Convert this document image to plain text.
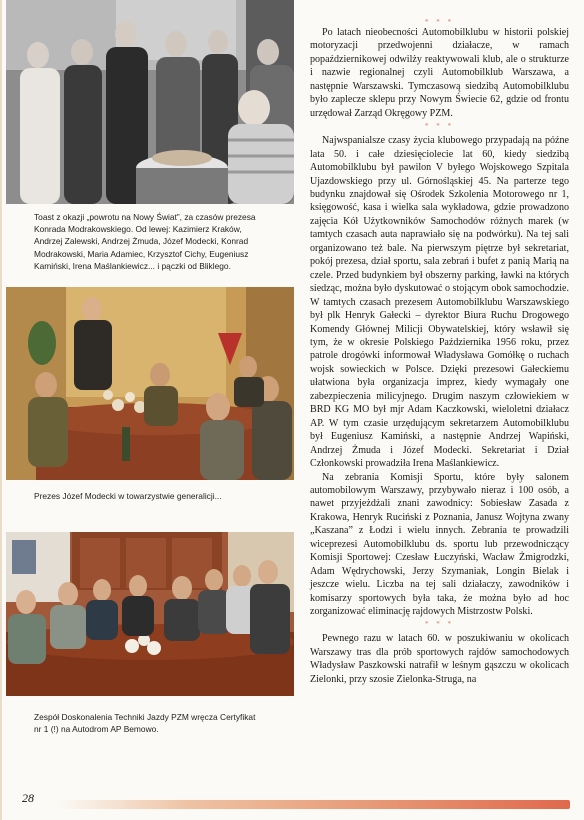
Toast z okazji „powrotu na Nowy Świat”, za czasów prezesa
Konrada Modrakowskiego. Od lewej: Kazimierz Kraków,
Andrzej Zalewski, Andrzej Żmuda, Józef Modecki, Konrad
Modrakowski, Maria Adamiec, Krzysztof Cichy, Eugeniusz
Kamiński, Irena Maślankiewicz... i pączki od Bliklego.
Prezes Józef Modecki w towarzystwie generalicji...
Zespół Doskonalenia Techniki Jazdy PZM wręcza Certyfikat
nr 1 (!) na Autodrom AP Bemowo.
* * *

Po latach nieobecności Automobilklubu w historii polskiej motoryzacji przedwojenni działacze, w ramach popaździernikowej odwilży reaktywowali klub, ale o strukturze i nazwie regionalnej czyli Automobilklub Warszawa, a następnie Warszawski. Tymczasową siedzibą Automobilklubu było zaplecze sklepu przy Nowym Świecie 62, gdzie od frontu urzędował Zarząd Okręgowy PZM.

* * *

Najwspanialsze czasy życia klubowego przypadają na późne lata 50. i całe dziesięciolecie lat 60, kiedy siedzibą Automobilklubu był pawilon V byłego Wojskowego Szpitala Ujazdowskiego przy ul. Górnośląskiej 45. Na parterze tego budynku znajdował się Ośrodek Szkolenia Motorowego nr 1, księgowość, kasa i wielka sala wykładowa, gdzie prowadzono zajęcia Kół Użytkowników Samochodów różnych marek (w tamtych czasach auta naprawiało się na podwórku). Na tej sali organizowano też bale. Na pierwszym piętrze był sekretariat, pokój prezesa, dział sportu, sala zebrań i bufet z panią Marią na czele. Przed budynkiem był obszerny parking, ławki na których siedząc, można było dyskutować o stojącym obok samochodzie. W tamtych czasach prezesem Automobilklubu Warszawskiego był plk Henryk Gałecki – dyrektor Biura Ruchu Drogowego Komendy Głównej Milicji Obywatelskiej, który wsławił się tym, że w okresie Polskiego Października 1956 roku, przez patrole drogówki informował Władysława Gomółkę o ruchach wojsk sowieckich w Polsce. Dzięki prezesowi Gałeckiemu ułatwiona była organizacja imprez, kiedy wymagały one zabezpieczenia milicyjnego. Drugim naszym człowiekiem w BRD KG MO był mjr Adam Kaczkowski, wieloletni działacz AP. W tym czasie urzędującym sekretarzem Automobilklubu był Eugeniusz Kamiński, a następnie Andrzej Wapiński, Andrzej Żmuda i Józef Modecki. Sekretariat i Dział Członkowski prowadziła Irena Maślankiewicz.

Na zebrania Komisji Sportu, które były salonem automobilowym Warszawy, przybywało nieraz i 100 osób, a nawet przyjeżdżali znani zawodnicy: Sobiesław Zasada z Krakowa, Henryk Ruciński z Poznania, Janusz Wojtyna zwany „Kaszana” z Łodzi i wielu innych. Zebrania te prowadzili wiceprezesi Automobilklubu ds. sportu lub przewodniczący Komisji Sportowej: Czesław Łuczyński, Wacław Żmigrodzki, Adam Wędrychowski, Jerzy Szymaniak, Longin Bielak i jeszcze wielu. Liczba na tej sali działaczy, zawodników i komisarzy sportowych była taka, że można było ad hoc zorganizować eliminację rajdowych Mistrzostw Polski.

* * *

Pewnego razu w latach 60. w poszukiwaniu w okolicach Warszawy tras dla prób sportowych rajdów samochodowych Władysław Paszkowski natrafił w leśnym gąszczu w okolicach Zielonki, przy szosie Zielonka-Struga, na

28
